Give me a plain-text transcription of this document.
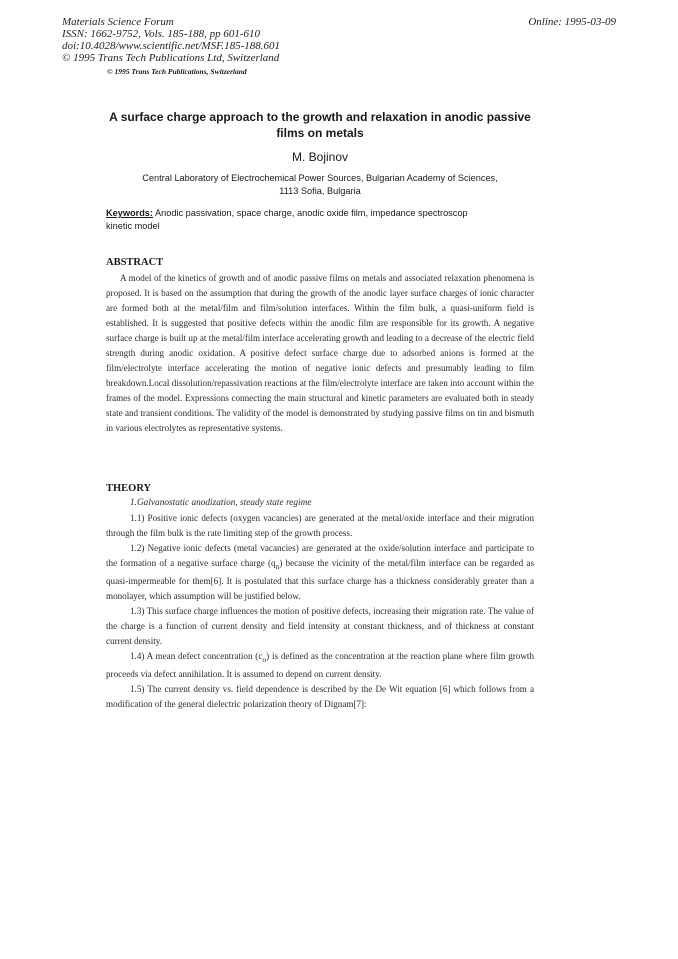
Materials Science Forum
ISSN: 1662-9752, Vols. 185-188, pp 601-610
doi:10.4028/www.scientific.net/MSF.185-188.601
© 1995 Trans Tech Publications Ltd, Switzerland
Online: 1995-03-09
© 1995 Trans Tech Publications, Switzerland
A surface charge approach to the growth and relaxation in anodic passive
films on metals
M. Bojinov
Central Laboratory of Electrochemical Power Sources, Bulgarian Academy of Sciences,
1113 Sofia, Bulgaria
Keywords: Anodic passivation, space charge, anodic oxide film, impedance spectroscop
kinetic model
ABSTRACT

A model of the kinetics of growth and of anodic passive films on metals and associated relaxation phenomena is proposed. It is based on the assumption that during the growth of the anodic layer surface charges of ionic character are formed both at the metal/film and film/solution interfaces. Within the film bulk, a quasi-uniform field is established. It is suggested that positive defects within the anodic film are responsible for its growth. A negative surface charge is built up at the metal/film interface accelerating growth and leading to a decrease of the electric field strength during anodic oxidation. A positive defect surface charge due to adsorbed anions is formed at the film/electrolyte interface accelerating the motion of negative ionic defects and presumably leading to film breakdown.Local dissolution/repassivation reactions at the film/electrolyte interface are taken into account within the frames of the model. Expressions connecting the main structural and kinetic parameters are evaluated both in steady state and transient conditions. The validity of the model is demonstrated by studying passive films on tin and bismuth in various electrolytes as representative systems.

THEORY

1.Galvanostatic anodization, steady state regime

1.1) Positive ionic defects (oxygen vacancies) are generated at the metal/oxide interface and their migration through the film bulk is the rate limiting step of the growth process.

1.2) Negative ionic defects (metal vacancies) are generated at the oxide/solution interface and participate to the formation of a negative surface charge $(q_n)$ because the vicinity of the metal/film interface can be regarded as quasi-impermeable for them[6]. It is postulated that this surface charge has a thickness considerably greater than a monolayer, which assumption will be justified below.

1.3) This surface charge influences the motion of positive defects, increasing their migration rate. The value of the charge is a function of current density and field intensity at constant thickness, and of thickness at constant current density.

1.4) A mean defect concentration $(c_o)$ is defined as the concentration at the reaction plane where film growth proceeds via defect annihilation. It is assumed to depend on current density.

1.5) The current density vs. field dependence is described by the De Wit equation [6] which follows from a modification of the general dielectric polarization theory of Dignam[7]:
